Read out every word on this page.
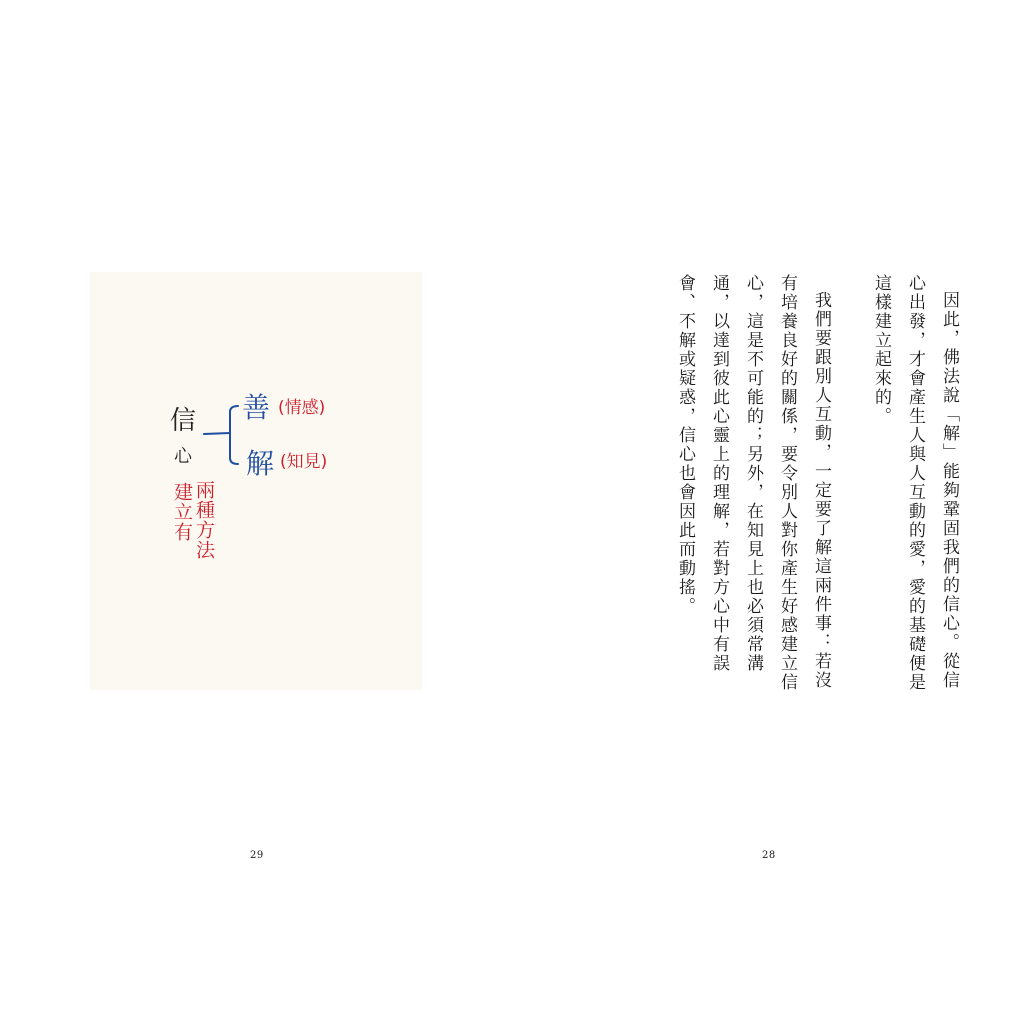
信
心
善 (情感)
解 (知見)
建立有 兩種方法
29

因此，佛法說「解」能夠鞏固我們的信心。從信心出發，才會產生人與人互動的愛，愛的基礎便是這樣建立起來的。

我們要跟別人互動，一定要了解這兩件事：若沒有培養良好的關係，要令別人對你產生好感建立信心，這是不可能的；另外，在知見上也必須常溝通，以達到彼此心靈上的理解，若對方心中有誤會、不解或疑惑，信心也會因此而動搖。

28
